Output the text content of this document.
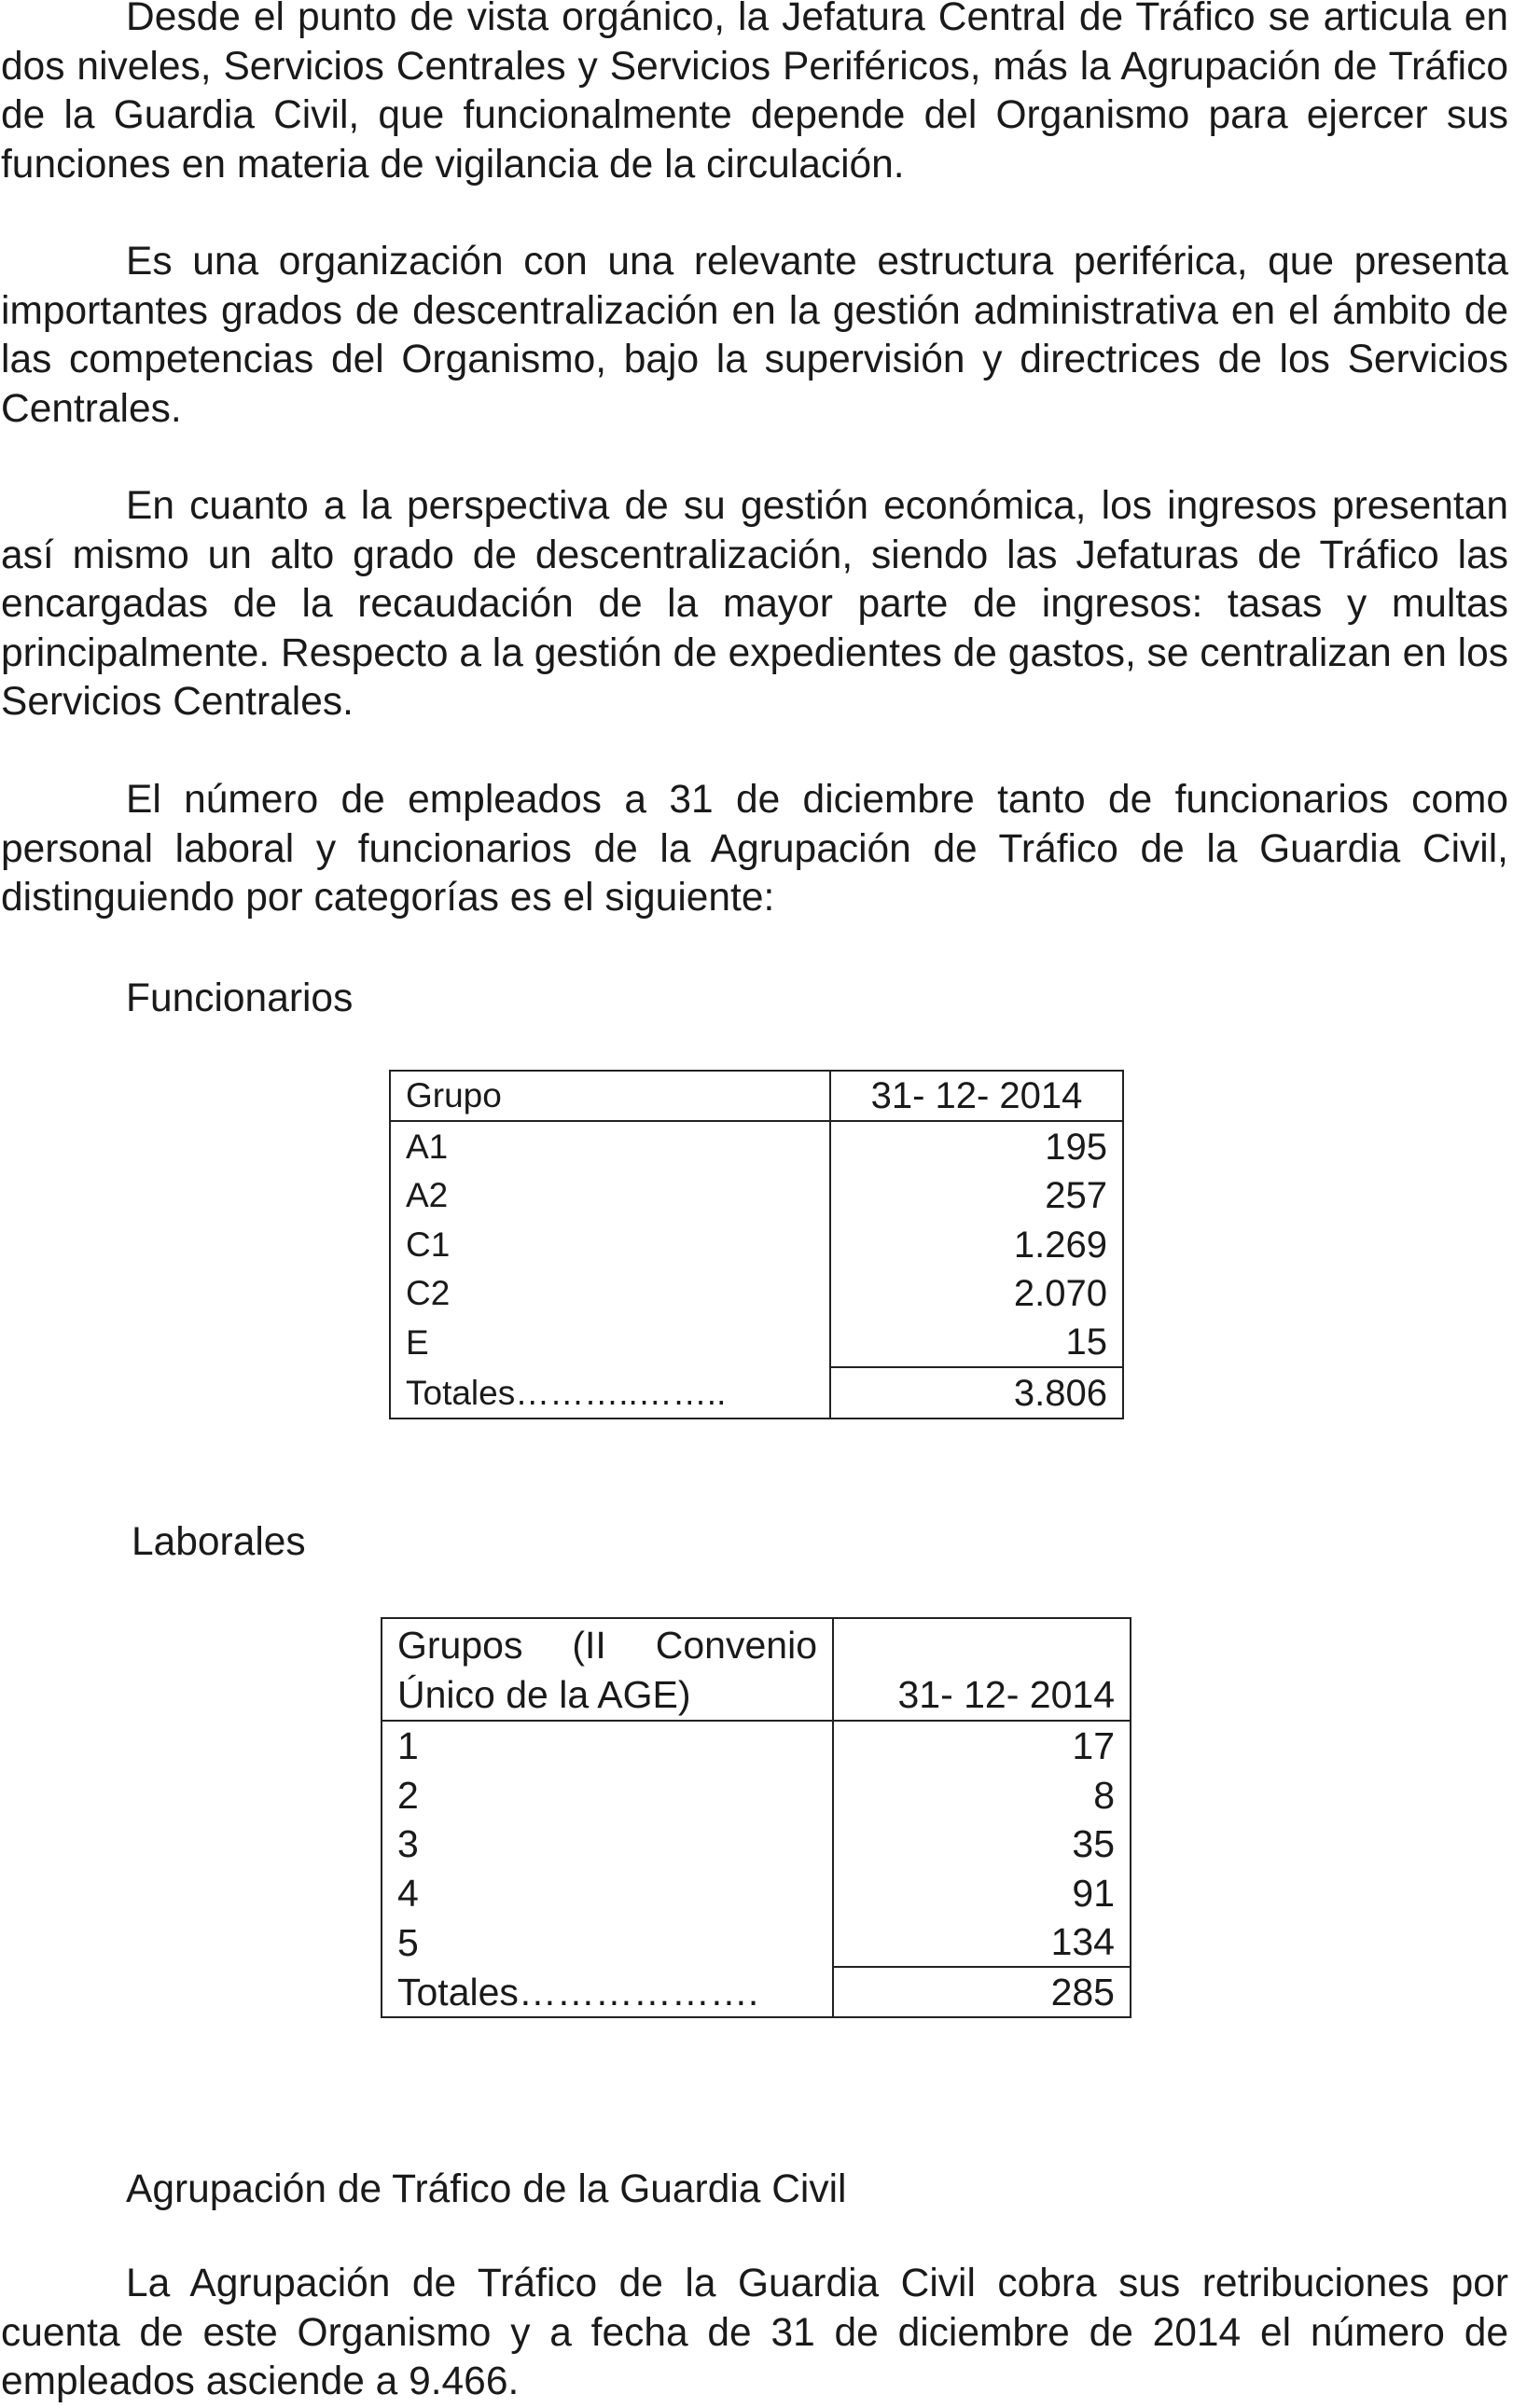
Desde el punto de vista orgánico, la Jefatura Central de Tráfico se articula en dos niveles, Servicios Centrales y Servicios Periféricos, más la Agrupación de Tráfico de la Guardia Civil, que funcionalmente depende del Organismo para ejercer sus funciones en materia de vigilancia de la circulación.

Es una organización con una relevante estructura periférica, que presenta importantes grados de descentralización en la gestión administrativa en el ámbito de las competencias del Organismo, bajo la supervisión y directrices de los Servicios Centrales.

En cuanto a la perspectiva de su gestión económica, los ingresos presentan así mismo un alto grado de descentralización, siendo las Jefaturas de Tráfico las encargadas de la recaudación de la mayor parte de ingresos: tasas y multas principalmente. Respecto a la gestión de expedientes de gastos, se centralizan en los Servicios Centrales.

El número de empleados a 31 de diciembre tanto de funcionarios como personal laboral y funcionarios de la Agrupación de Tráfico de la Guardia Civil, distinguiendo por categorías es el siguiente:

Funcionarios

Grupo	31- 12- 2014
A1	195
A2	257
C1	1.269
C2	2.070
E	15
Totales………..……..	3.806

Laborales

Grupos (II Convenio Único de la AGE)	31- 12- 2014
1	17
2	8
3	35
4	91
5	134
Totales……………….	285

Agrupación de Tráfico de la Guardia Civil

La Agrupación de Tráfico de la Guardia Civil cobra sus retribuciones por cuenta de este Organismo y a fecha de 31 de diciembre de 2014 el número de empleados asciende a 9.466.
